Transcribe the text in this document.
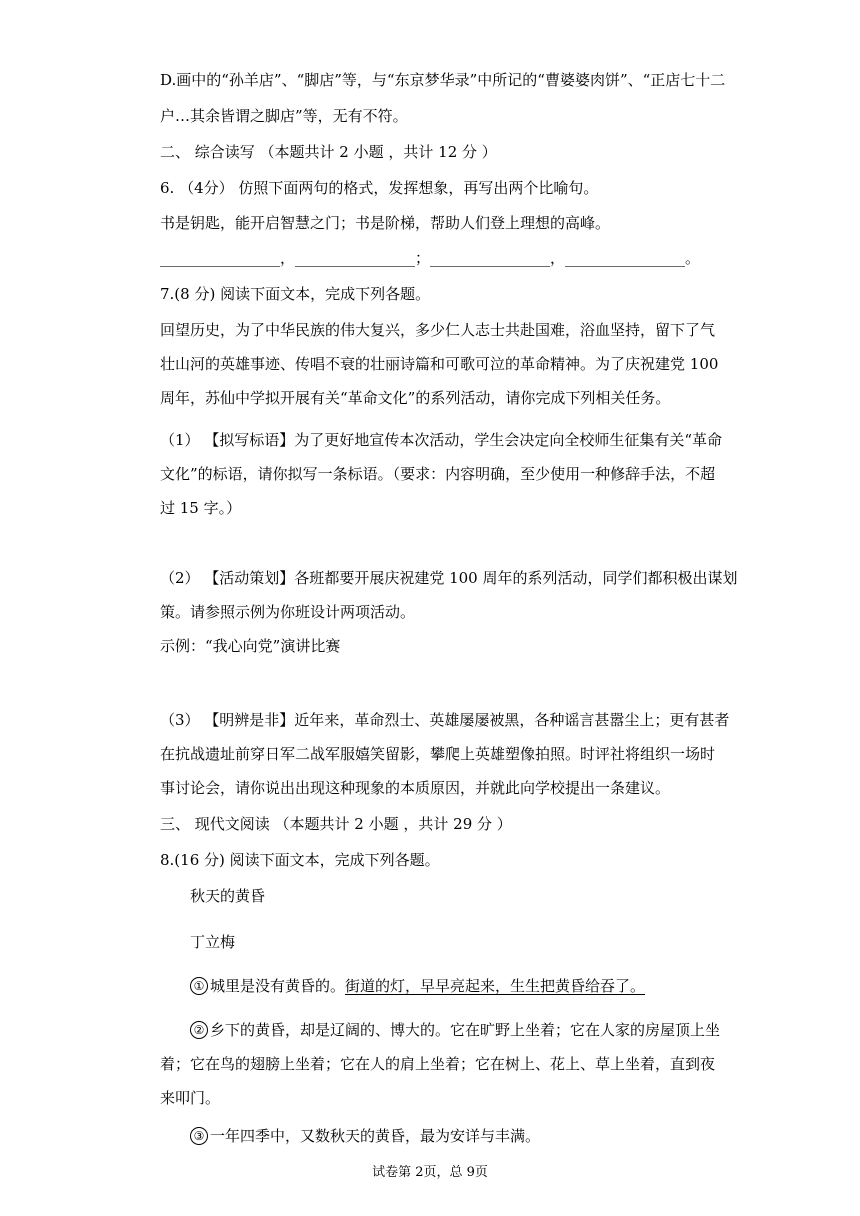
D.画中的“孙羊店”、“脚店”等，与“东京梦华录”中所记的“曹婆婆肉饼”、“正店七十二

户…其余皆谓之脚店”等，无有不符。

二、 综合读写 （本题共计 2 小题 ，共计 12 分 ）

6. （4分） 仿照下面两句的格式，发挥想象，再写出两个比喻句。

书是钥匙，能开启智慧之门；书是阶梯，帮助人们登上理想的高峰。

________________，________________；________________，________________。

7.(8 分) 阅读下面文本，完成下列各题。

回望历史，为了中华民族的伟大复兴，多少仁人志士共赴国难，浴血坚持，留下了气

壮山河的英雄事迹、传唱不衰的壮丽诗篇和可歌可泣的革命精神。为了庆祝建党 100

周年，苏仙中学拟开展有关“革命文化”的系列活动，请你完成下列相关任务。

（1） 【拟写标语】为了更好地宣传本次活动，学生会决定向全校师生征集有关“革命

文化”的标语，请你拟写一条标语。（要求：内容明确，至少使用一种修辞手法，不超

过 15 字。）

（2） 【活动策划】各班都要开展庆祝建党 100 周年的系列活动，同学们都积极出谋划

策。请参照示例为你班设计两项活动。

示例：“我心向党”演讲比赛

（3） 【明辨是非】近年来，革命烈士、英雄屡屡被黑，各种谣言甚嚣尘上；更有甚者

在抗战遗址前穿日军二战军服嬉笑留影，攀爬上英雄塑像拍照。时评社将组织一场时

事讨论会，请你说出出现这种现象的本质原因，并就此向学校提出一条建议。

三、 现代文阅读 （本题共计 2 小题 ，共计 29 分 ）

8.(16 分) 阅读下面文本，完成下列各题。

秋天的黄昏

丁立梅

① 城里是没有黄昏的。街道的灯，早早亮起来，生生把黄昏给吞了。

② 乡下的黄昏，却是辽阔的、博大的。它在旷野上坐着；它在人家的房屋顶上坐

着；它在鸟的翅膀上坐着；它在人的肩上坐着；它在树上、花上、草上坐着，直到夜

来叩门。

③ 一年四季中，又数秋天的黄昏，最为安详与丰满。

试卷第 2页，总 9页
